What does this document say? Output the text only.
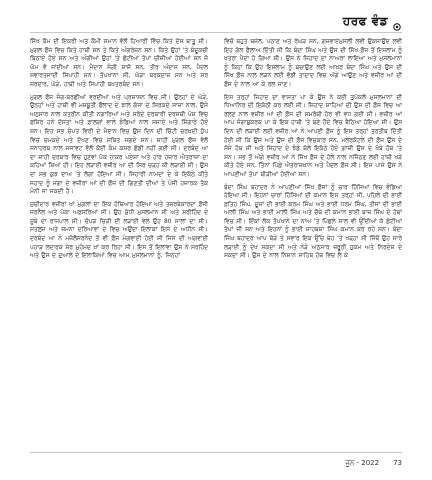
ਹਰਫ ਵੰਡ

ਸਿੱਖ ਕੌਮ ਦੀ ਇਕਰੀ ਅਤੇ ਕੌਮੀ ਸਮਾਨ ਵੱਲੋਂ ਹਿਆਰੀ ਵਿੱਚ ਕਿਤੇ ਦੱਸ ਬਾਤੂ ਸੀ। ਮੁਗਲ ਫੌਜ ਵਿਚ ਕਿਤੇ ਹਾਥੀ ਸਨ ਤੇ ਕਿਤੇ ਅੰਗਰੇਜ਼ਨ ਸਨ। ਕਿਤੇ ਉਹਾਂ 'ਤੇ ਬੰਦੂਕਚੀ ਬਿਠਾਏ ਹੋਏ ਸਨ ਅਤੇ ਅੰਗੀਆਂ ਉਹਾਂ 'ਤੇ ਛੋਟੀਆਂ ਤੋਪਾਂ ਚੀਜ਼ੀਆਂ ਹੋਈਆਂ ਸਨ ਜੋ ਘੱਮ ਵੱ ਜਾਂਦੀਆਂ ਸਨ। ਮੈਦਾਨ ਜੰਗੀ ਸਾਜ਼ੋ ਸਨ, ਤੀਰ ਅੰਦਾਜ਼ ਸਨ, ਪੈਦਲ ਸਵਾਰਤਜਾਦੀ ਸਿਪਾਹੀ ਸਨ। ਤੋਪਖਾਨਾ ਸੀ, ਘੋੜਾ ਬਰਕਦਾਜ਼ ਸਨ ਅਤੇ ਸਰ ਸਰਦਾਰ, ਘੋੜੇ, ਹਾਥੀ ਅਤੇ ਸਿਪਾਹੀ ਬਖ਼ਤਰਬੰਦ ਸਨ।

ਮੁਗਲ ਫੌਜ ਜੰਗ-ਬਰਛੀਆਂ ਵਰਦੀਆਂ ਅਤੇ ਪ੍ਰਸ਼ਾਸਨ ਵਿਚ ਸੀ। ਉਨ੍ਹਾਂ ਦੇ ਘੋੜੇ, ਉਨ੍ਹਾਂ ਅਤੇ ਹਾਥੀ ਵੀ ਮਜ਼ਬੂਤੀ ਫੌਲਾਦ ਦੇ ਝਾਲੇ ਗੱਜਾ ਦੇ ਸਿਰਕਦੇ ਸਾਜ਼ਾ ਨਾਲ, ਉਸੇ ਅਨੁਸਾਰ ਨਾਲ ਕਤਰੀਨ ਕੀਤੀ ਨਗਾਰਿਆਂ ਅਤੇ ਸਰੋਦੇ ਦਰਬਾਰੀ ਦਰਸਥੀ ਪੋਸ਼ ਵਿਚ ਫਸ਼ਿਰ ਹਨੇ ਦੋਸਤਾਂ ਅਤੇ ਫ਼ਾਲਗਾਂ ਵਾਲੇ ਝੰਡਿਆਂ ਨਾਲ ਸਜਾਏ ਅਤੇ ਸ਼ਿੰਗਾਰੇ ਹੋਏ ਸਨ। ਇਹ ਸਭ ਚੰਪਤ ਵਿਰੀ ਦੇ ਮੈਦਾਨ ਵਿਚ ਉਸ ਦਿਨ ਦੀ ਚਿੱਟੀ ਚਰਖ਼ਦੀ ਧੁੱਪ ਵਿਚ ਚਮਕਦੇ ਅਤੇ ਦੱਖਣ ਵਿਚ ਸਥਿਤ ਜਗਦੇ ਸਨ। ਸ਼ਾਹੀ ਮੁਗਲ ਫੌਜ ਵੱਲੋਂ ਸਨਾਹਰਬ ਨਾਲ ਸਜਾਵਟ ਵੱਲੋਂ ਕੋਈ ਕੰਮ ਕਸਰ ਛੱਡੀ ਨਹੀਂ ਗਈ ਸੀ। ਦਰਬੰਦ ਆ ਦਾ ਸ਼ਾਹੀ ਦਰਬਾਰ ਵਿਚ ਹੁਣਵਾਂ ਪੱਕ ਹਾਕਰ ਪਏਸ਼ਾ ਅਤੇ ਹਾਰ ਹਜ਼ਾਰ ਐਤਰਾਜ਼ਾ ਦਾ ਕਹਿਆਂ ਸ਼ਿਆਂ ਹੀ। ਇਹ ਲੜਾਈ ਵਜ਼ੀਰ ਆ ਦੀ ਸਿਰ ਚੜ੍ਹ ਕੀ ਲੜਾਈ ਸੀ। ਉਸ ਦਾ ਸਭ ਕੁਝ ਦਾਅ 'ਤੇ ਲੱਗਾ ਹੋਇਆ ਸੀ। ਸਿਹਾਰੀ ਨਾਮਦਾਂ ਦੇ ਕੇ ਇਕੱਠੇ ਕੀਤੇ ਜਹਾਦ ਨੂੰ ਜਗਾ ਦੇ ਵਜ਼ੀਰਾਂ ਆਂ ਦੀ ਫ਼ੌਜ ਦੀ ਗਿਣਤੀ ਦੀਆਂ ਤੇ ਪੰਜੀ ਹਜ਼ਾਰਕ ਤੱਕ ਮੰਨੀ ਜਾ ਸਕਦੀ ਹੈ।

ਸੁਚੀਦਾਰ ਵਜ਼ੀਰਾਂ ਖ਼ਾਂ ਮੁਗਲਾਂ ਦਾ ਇਕ ਹੱਥਿਆਰ ਹੋਇਆ ਅਤੇ ਤਜਰਬੇਕਾਰਦਾ ਫ਼ੌਜੀ ਜਰਨੈਲ ਅਤੇ ਪੱਕਾ ਅਫ਼ਸਰਿਆਂ ਸੀ। ਉਹ ਸ਼ੁੱਧੀ ਮੁਸਲਮਾਨ ਸੀ ਅਤੇ ਸਰੀਹਿੰਦ ਦੇ ਸੂਬੇ ਦਾ ਰਾਜਪਾਲ ਸੀ। ਚੱਪੜ ਚਿੜੀ ਦੀ ਲੜਾਈ ਵੇਲੇ ਉਹ 80 ਸਾਲਾਂ ਦਾ ਸੀ। ਸਤਲੁਜ ਅਤੇ ਜਮਨਾ ਦਰਿਆਵਾਂ ਦੇ ਵਿਚ ਅਉਂਦਾ ਇਲਾਕਾ ਇਸ ਦੇ ਅਧੀਨ ਸੀ। ਦਰਬੰਦ ਆ ਨੇ ਮਜ਼ੱਲੋਸਰਨੰਦ ਤੋਂ ਵੀ ਫ਼ੌਜ ਮੰਗਵਾਈ ਹੋਈ ਸੀ ਜਿਸ ਦੀ ਅਗਵਾਈ ਪਹਾੜ ਲਦਾਰਕ ਸ਼ੇਰ ਮੁਹੰਮਦ ਖ਼ਾਂ ਕਰ ਰਿਹਾ ਸੀ। ਇਸ ਤੋਂ ਇਲਾਵਾ ਉਸ ਨੇ ਸਰਹਿੰਦ ਅਤੇ ਉਸ ਦੇ ਦੁਆਲੇ ਦੇ ਇਲਾਕਿਆਂ ਵਿਚ ਆਮ ਮੁਸਲਮਾਨਾਂ ਨੂੰ, ਜਿਨ੍ਹਾਂ

ਵਿਚੋਂ ਬਹੁਤੇ ਬਜ਼ੇਲ, ਪਠਾਣ ਅਤੇ ਰੰਘੜ ਸਨ, ਗ਼ਜ਼ਵਾਏਮੁਸਲੀ ਲਵੀ ਉਕਸਾਉਂਦ ਲਵੀ ਇਹ ਗੱਲ ਫ਼ੈਲਾਅ ਦਿੱਤੀ ਸੀ ਕਿ ਬੰਦਾ ਸਿੰਘ ਅਤੇ ਉਸ ਦੀ ਸਿੱਖ ਫ਼ੌਜ ਤੋਂ ਇਸਲਾਮ ਨੂੰ ਖ਼ਤਰਾ ਪੈਦਾ ਹੋ ਗਿਆ ਸੀ। ਉਸ ਨੇ ਜਿਹਾਦ ਦਾ ਨਾਅਰਾ ਲਾਇਆ ਅਤੇ ਮੁਸਲਮਾਨਾਂ ਨੂੰ ਕਿਹਾ ਕਿ ਉਹ ਇਸਲਾਮ ਨੂੰ ਬਚਾਉਣ ਲਈ ਆਖ਼ਰ ਬੰਦਾ ਸਿੰਘ ਅਤੇ ਉਸ ਦੀ ਸਿੱਖ ਫ਼ੌਜ ਨਾਲ ਲੜਨ ਲਈ ਵੱਡੀ ਤਾਦਾਦ ਵਿਚ ਅੱਗੇ ਆਉਣ ਅਤੇ ਵਜ਼ੀਰ ਆਂ ਦੀ ਫ਼ੌਜ ਦੇ ਨਾਲ ਆ ਕੇ ਰਲ ਜਾਣ।

ਇਸ ਤਰ੍ਹਾਂ ਜਿਹਾਦ ਦਾ ਵਾਸਤਾ ਪਾ ਕੇ ਉਸ ਨੇ ਕਈ ਤੁਪੱਕਲੋ ਮੁਸਲਮਾਨਾਂ ਦੀ ਧਿਆਨਿਰ ਦੀ ਇਕੱਠੀ ਕਰ ਲਈ ਸੀ। ਜਿਹਾਦ ਸ਼ਾਹਿਆਂ ਦੀ ਉਸ ਦੀ ਫ਼ੌਜ ਵਿਚ ਆ ਰਲਣ ਨਾਲ ਵਜ਼ੀਰ ਆਂ ਦੀ ਫ਼ੌਜ ਦੀ ਸਮਰੱਥੀ ਹੋਰ ਵੀ ਵਧ ਗਈ ਸੀ। ਵਜ਼ੀਰ ਆਂ ਆਪ ਜੰਗਾਬੁਕਰਕ ਪਾ ਕੇ ਇਕ ਹਾਥੀ 'ਤੇ ਬਣੇ ਹੌਦੇ ਵਿਚ ਬੈਠਿਆ ਹੋਇਆ ਸੀ। ਉਸ ਦਿਨ ਦੀ ਲੜਾਈ ਲਈ ਵਜ਼ੀਰ ਆਂ ਨੇ ਆਪਣੀ ਫ਼ੌਜ ਨੂੰ ਇਸ ਤਰ੍ਹਾਂ ਤਰਤੀਬ ਦਿੱਤੀ ਹੋਈ ਸੀ ਕਿ ਉਸ ਅਤੇ ਉਸ ਦੀ ਫ਼ੌਜ ਵਿਚਕਾਰ ਸਨ, ਮਲੇਰਕੋਟਲੇ ਦੀ ਫ਼ੌਜ ਉਸ ਦੇ ਸੱਜੇ ਹੱਥ ਸੀ ਅਤੇ ਜਿਹਾਦ ਦੇ ਝੰਡੇ ਥੱਲੇ ਇਕੱਠੇ ਹੋਏ ਗ਼ਾਜ਼ੀ ਉਸ ਦੇ ਖੱਬੇ ਹੱਥ 'ਤੇ ਸਨ। ਸਭ ਤੋਂ ਅੱਗੇ ਵਜ਼ੀਰ ਆਂ ਨੇ ਸਿੱਖ ਫ਼ੌਜ ਦੇ ਹੱਲੇ ਨਾਲ ਨਜਿੱਠਣ ਲਈ ਹਾਥੀ ਖੜੇ ਕੀਤੇ ਹੋਏ ਸਨ, ਤਿੰਨਾਂ ਪਿੱਛੇ ਐਤਰਾਜ਼ਖ਼ਾਨ ਅਤੇ ਪੈਦਲ ਫ਼ੌਜ ਸੀ। ਇਸ ਪਾਸੇ ਉਸ ਨੇ ਆਪਣੀਆਂ ਤੋਪਾਂ ਬੀੜੀਆਂ ਹੋਈਆਂ ਸਨ।

ਬੰਦਾ ਸਿੰਘ ਬਹਾਦਰ ਨੇ ਆਪਣੀਆਂ ਸਿੱਖ ਫ਼ੌਜਾਂ ਨੂੰ ਚਾਰ ਹਿੱਸਿਆਂ ਵਿਚ ਵੰਡਿਆ ਹੋਇਆ ਸੀ। ਇਹਨਾਂ ਚਾਰਾਂ ਹਿੱਸਿਆਂ ਦੀ ਕਮਾਨ ਇਸ ਤਰ੍ਹਾਂ ਸੀ, ਪਹਿਲੇ ਦੀ ਭਾਈ ਫ਼ਤਿਹ ਸਿੰਘ, ਦੂਜਾਂ ਦੀ ਭਾਈ ਕਰਮ ਸਿੰਘ ਅਤੇ ਭਾਈ ਧਰਮ ਸਿੰਘ, ਤੀਜਾਂ ਦੀ ਭਾਈ ਆਲੀ ਸਿੰਘ ਅਤੇ ਭਾਈ ਮਾਲੀ ਸਿੰਘ ਅਤੇ ਚੌਥੇ ਦੀ ਕਮਾਨ ਭਾਈ ਬਾਜ਼ ਸਿੰਘ ਦੇ ਹੱਥਾਂ ਵਿਚ ਸੀ। ਇੱਕਾਂ ਲੋਕ ਤੋਪਖਾਨੇ ਦਾ ਨਾਂਅ 'ਤੇ ਪਿੱਛਲੇ ਸਾਲ ਵੀ ਉੱਦੀਆਂ ਕੋ ਛੋਟੀਆਂ ਤੋਪਾਂ ਜੀ ਸਨ ਅਤੇ ਇਹਨਾਂ ਨੂੰ ਭਾਈ ਸਾਹਬਜ਼ਾ ਸਿੰਘ ਕਮਾਨ ਕਰ ਰਹੇ ਸਨ। ਬੰਦਾ ਸਿੰਘ ਬਹਾਦਰ ਆਪ ਥੋੜੇ ਤੇ ਸਵਾਰ ਇਕ ਉੱਚੇ ਥੇਹ 'ਤੇ ਖੜ੍ਹਾ ਸੀ ਜਿੱਥੋਂ ਉਹ ਸਾਰੇ ਲੜਾਈ ਨੂੰ ਦੇਖ ਸਕਦਾ ਸੀ ਅਤੇ ਨੇੜੇ ਅਨੁਸਾਰ ਜ਼ਰੂਰੀ ਹੁਕਮ ਅਤੇ ਨਿਰਦੇਸ਼ ਦੇ ਸਕਦਾ ਸੀ। ਉਸ ਦੇ ਨਾਲ ਨਿਸ਼ਾਨ ਸਾਹਿਬ ਹੱਥ ਵਿਚ ਲੈ ਕੇ

ਜੂਨ - 2022 73
